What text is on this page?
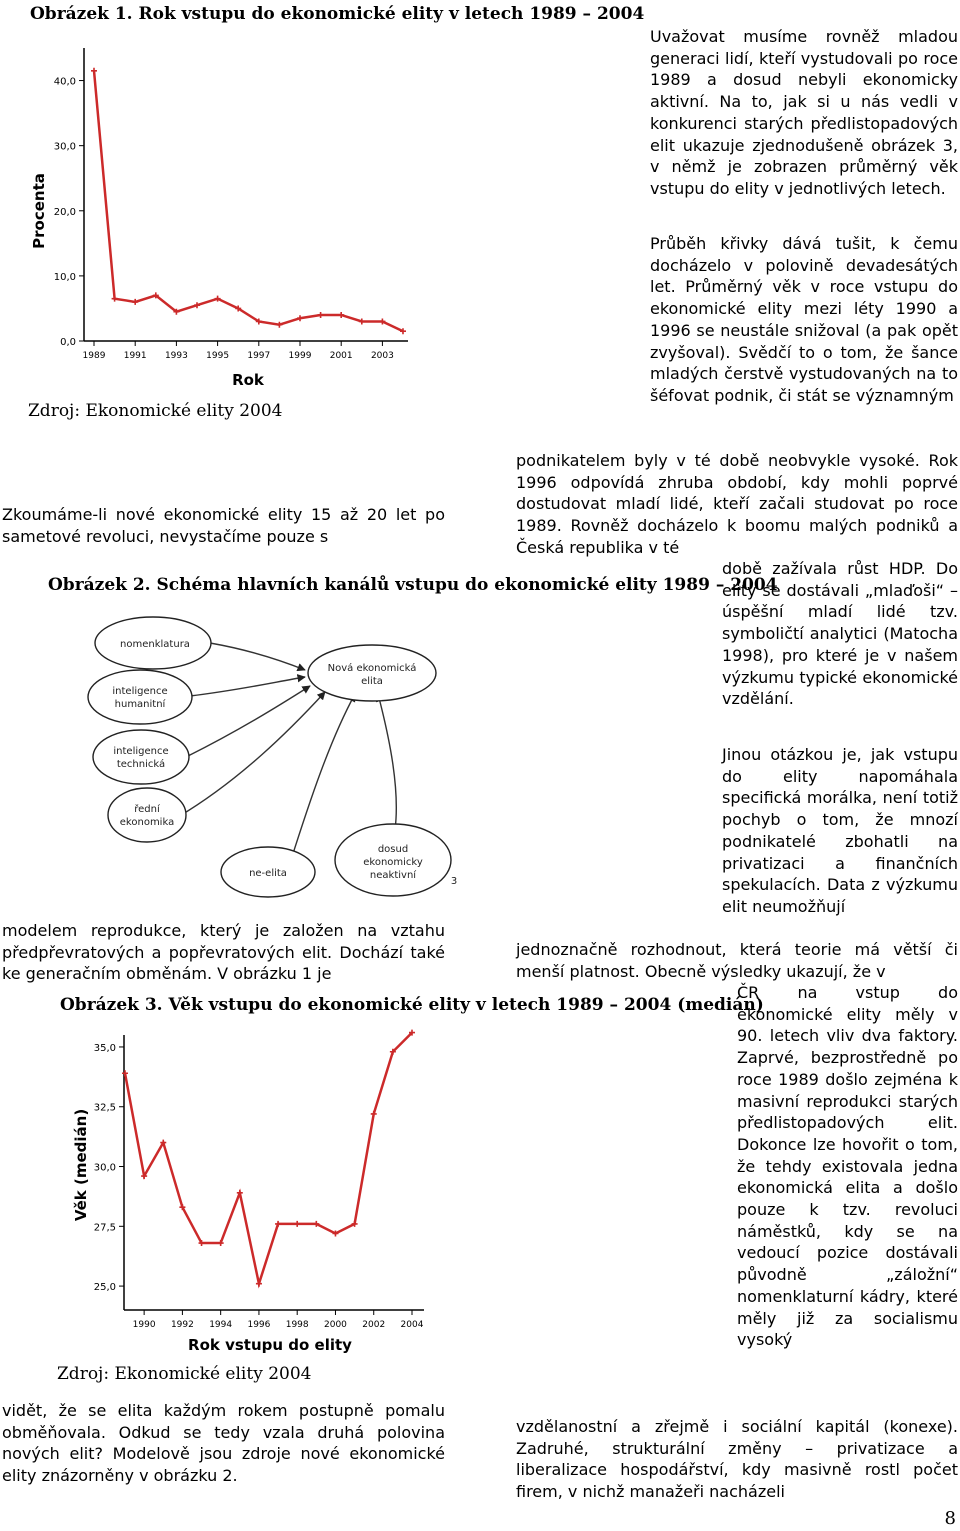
Obrázek 1. Rok vstupu do ekonomické elity v letech 1989 – 2004
Procenta
0,0
10,0
20,0
30,0
40,0
1989 1991 1993 1995 1997 1999 2001 2003
Rok
Zdroj: Ekonomické elity 2004
Obrázek 2. Schéma hlavních kanálů vstupu do ekonomické elity 1989 – 2004
nomenklatura
inteligence
humanitní
inteligence
technická
řední
ekonomika
ne-elita
Nová ekonomická
elita
dosud
ekonomicky
neaktivní
3
Obrázek 3. Věk vstupu do ekonomické elity v letech 1989 – 2004 (medián)
Věk (medián)
25,0
27,5
30,0
32,5
35,0
1990 1992 1994 1996 1998 2000 2002 2004
Rok vstupu do elity
Zdroj: Ekonomické elity 2004

Uvažovat musíme rovněž mladou generaci lidí, kteří vystudovali po roce 1989 a dosud nebyli ekonomicky aktivní. Na to, jak si u nás vedli v konkurenci starých předlistopadových elit ukazuje zjednodušeně obrázek 3, v němž je zobrazen průměrný věk vstupu do elity v jednotlivých letech.

Průběh křivky dává tušit, k čemu docházelo v polovině devadesátých let. Průměrný věk v roce vstupu do ekonomické elity mezi léty 1990 a 1996 se neustále snižoval (a pak opět zvyšoval). Svědčí to o tom, že šance mladých čerstvě vystudovaných na to šéfovat podnik, či stát se významným

podnikatelem byly v té době neobvykle vysoké. Rok 1996 odpovídá zhruba období, kdy mohli poprvé dostudovat mladí lidé, kteří začali studovat po roce 1989. Rovněž docházelo k boomu malých podniků a Česká republika v té

době zažívala růst HDP. Do elity se dostávali „mlaďoši“ – úspěšní mladí lidé tzv. symboličtí analytici (Matocha 1998), pro které je v našem výzkumu typické ekonomické vzdělání.

Jinou otázkou je, jak vstupu do elity napomáhala specifická morálka, není totiž pochyb o tom, že mnozí podnikatelé zbohatli na privatizaci a finančních spekulacích. Data z výzkumu elit neumožňují

jednoznačně rozhodnout, která teorie má větší či menší platnost. Obecně výsledky ukazují, že v

ČR na vstup do ekonomické elity měly v 90. letech vliv dva faktory. Zaprvé, bezprostředně po roce 1989 došlo zejména k masivní reprodukci starých předlistopadových elit. Dokonce lze hovořit o tom, že tehdy existovala jedna ekonomická elita a došlo pouze k tzv. revoluci náměstků, kdy se na vedoucí pozice dostávali původně „záložní“ nomenklaturní kádry, které měly již za socialismu vysoký

vzdělanostní a zřejmě i sociální kapitál (konexe). Zadruhé, strukturální změny – privatizace a liberalizace hospodářství, kdy masivně rostl počet firem, v nichž manažeři nacházeli

Zkoumáme-li nové ekonomické elity 15 až 20 let po sametové revoluci, nevystačíme pouze s

modelem reprodukce, který je založen na vztahu předpřevratových a popřevratových elit. Dochází také ke generačním obměnám. V obrázku 1 je

vidět, že se elita každým rokem postupně pomalu obměňovala. Odkud se tedy vzala druhá polovina nových elit? Modelově jsou zdroje nové ekonomické elity znázorněny v obrázku 2.

8
